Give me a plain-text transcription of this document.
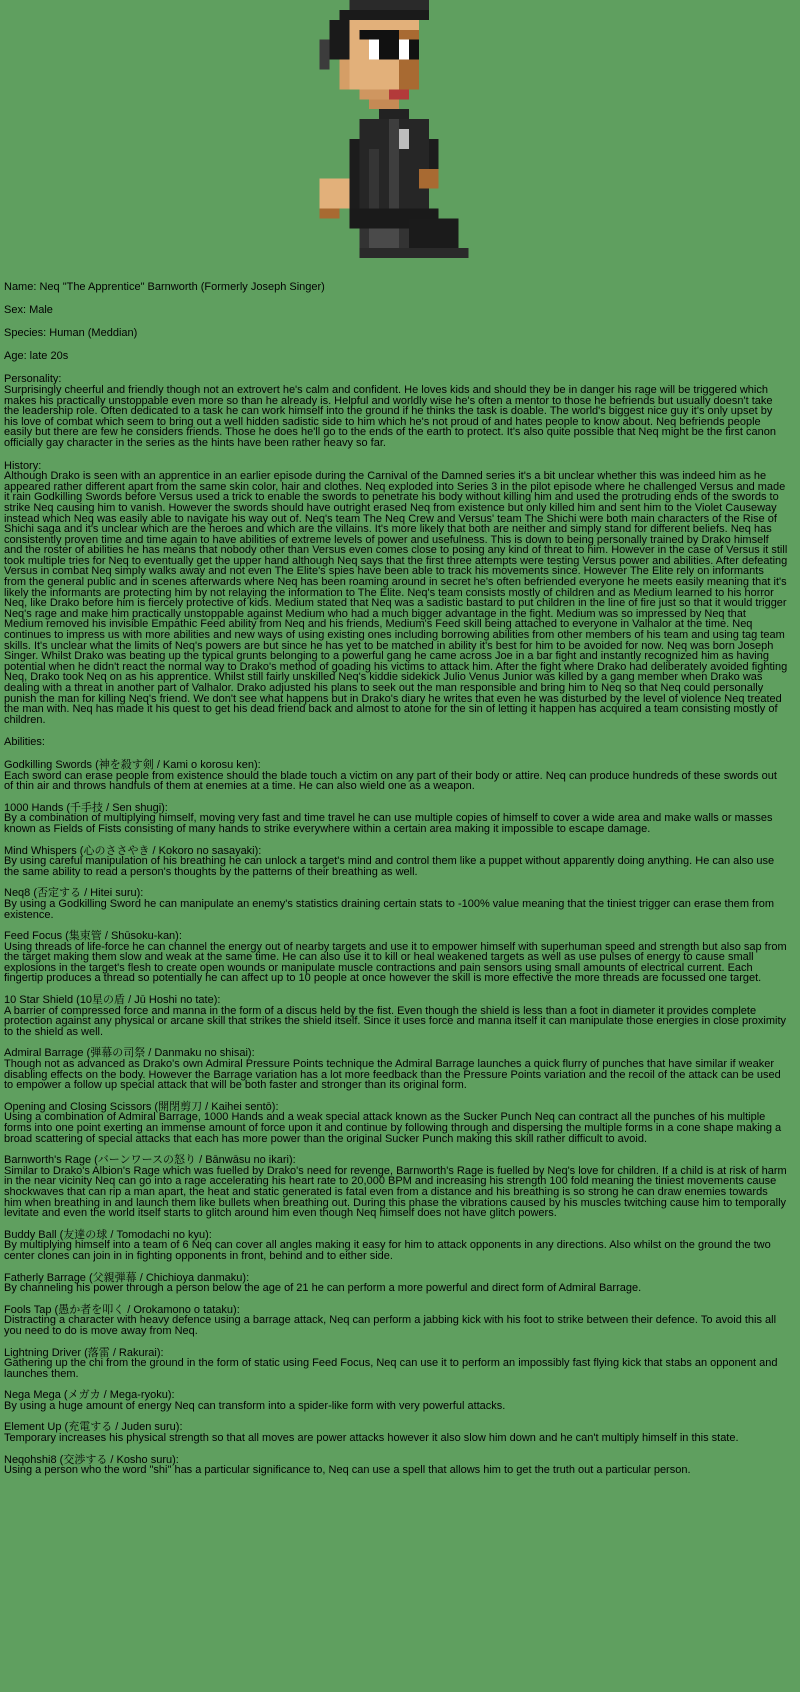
Name: Neq "The Apprentice" Barnworth (Formerly Joseph Singer)
Sex: Male
Species: Human (Meddian)
Age: late 20s
Personality:
Surprisingly cheerful and friendly though not an extrovert he's calm and confident. He loves kids and should they be in danger his rage will be triggered which makes his practically unstoppable even more so than he already is. Helpful and worldly wise he's often a mentor to those he befriends but usually doesn't take the leadership role. Often dedicated to a task he can work himself into the ground if he thinks the task is doable. The world's biggest nice guy it's only upset by his love of combat which seem to bring out a well hidden sadistic side to him which he's not proud of and hates people to know about. Neq befriends people easily but there are few he considers friends. Those he does he'll go to the ends of the earth to protect. It's also quite possible that Neq might be the first canon officially gay character in the series as the hints have been rather heavy so far.
History:
Although Drako is seen with an apprentice in an earlier episode during the Carnival of the Damned series it's a bit unclear whether this was indeed him as he appeared rather different apart from the same skin color, hair and clothes. Neq exploded into Series 3 in the pilot episode where he challenged Versus and made it rain Godkilling Swords before Versus used a trick to enable the swords to penetrate his body without killing him and used the protruding ends of the swords to strike Neq causing him to vanish. However the swords should have outright erased Neq from existence but only killed him and sent him to the Violet Causeway instead which Neq was easily able to navigate his way out of. Neq's team The Neq Crew and Versus' team The Shichi were both main characters of the Rise of Shichi saga and it's unclear which are the heroes and which are the villains. It's more likely that both are neither and simply stand for different beliefs. Neq has consistently proven time and time again to have abilities of extreme levels of power and usefulness. This is down to being personally trained by Drako himself and the roster of abilities he has means that nobody other than Versus even comes close to posing any kind of threat to him. However in the case of Versus it still took multiple tries for Neq to eventually get the upper hand although Neq says that the first three attempts were testing Versus power and abilities. After defeating Versus in combat Neq simply walks away and not even The Elite's spies have been able to track his movements since. However The Elite rely on informants from the general public and in scenes afterwards where Neq has been roaming around in secret he's often befriended everyone he meets easily meaning that it's likely the informants are protecting him by not relaying the information to The Elite. Neq's team consists mostly of children and as Medium learned to his horror Neq, like Drako before him is fiercely protective of kids. Medium stated that Neq was a sadistic bastard to put children in the line of fire just so that it would trigger Neq's rage and make him practically unstoppable against Medium who had a much bigger advantage in the fight. Medium was so impressed by Neq that Medium removed his invisible Empathic Feed ability from Neq and his friends, Medium's Feed skill being attached to everyone in Valhalor at the time. Neq continues to impress us with more abilities and new ways of using existing ones including borrowing abilities from other members of his team and using tag team skills. It's unclear what the limits of Neq's powers are but since he has yet to be matched in ability it's best for him to be avoided for now. Neq was born Joseph Singer. Whilst Drako was beating up the typical grunts belonging to a powerful gang he came across Joe in a bar fight and instantly recognized him as having potential when he didn't react the normal way to Drako's method of goading his victims to attack him. After the fight where Drako had deliberately avoided fighting Neq, Drako took Neq on as his apprentice. Whilst still fairly unskilled Neq's kiddie sidekick Julio Venus Junior was killed by a gang member when Drako was dealing with a threat in another part of Valhalor. Drako adjusted his plans to seek out the man responsible and bring him to Neq so that Neq could personally punish the man for killing Neq's friend. We don't see what happens but in Drako's diary he writes that even he was disturbed by the level of violence Neq treated the man with. Neq has made it his quest to get his dead friend back and almost to atone for the sin of letting it happen has acquired a team consisting mostly of children.
Abilities:
Godkilling Swords (神を殺す剣 / Kami o korosu ken):
Each sword can erase people from existence should the blade touch a victim on any part of their body or attire. Neq can produce hundreds of these swords out of thin air and throws handfuls of them at enemies at a time. He can also wield one as a weapon.
1000 Hands (千手技 / Sen shugi):
By a combination of multiplying himself, moving very fast and time travel he can use multiple copies of himself to cover a wide area and make walls or masses known as Fields of Fists consisting of many hands to strike everywhere within a certain area making it impossible to escape damage.
Mind Whispers (心のささやき / Kokoro no sasayaki):
By using careful manipulation of his breathing he can unlock a target's mind and control them like a puppet without apparently doing anything. He can also use the same ability to read a person's thoughts by the patterns of their breathing as well.
Neq8 (否定する / Hitei suru):
By using a Godkilling Sword he can manipulate an enemy's statistics draining certain stats to -100% value meaning that the tiniest trigger can erase them from existence.
Feed Focus (集束管 / Shūsoku-kan):
Using threads of life-force he can channel the energy out of nearby targets and use it to empower himself with superhuman speed and strength but also sap from the target making them slow and weak at the same time. He can also use it to kill or heal weakened targets as well as use pulses of energy to cause small explosions in the target's flesh to create open wounds or manipulate muscle contractions and pain sensors using small amounts of electrical current. Each fingertip produces a thread so potentially he can affect up to 10 people at once however the skill is more effective the more threads are focussed one target.
10 Star Shield (10星の盾 / Jū Hoshi no tate):
A barrier of compressed force and manna in the form of a discus held by the fist. Even though the shield is less than a foot in diameter it provides complete protection against any physical or arcane skill that strikes the shield itself. Since it uses force and manna itself it can manipulate those energies in close proximity to the shield as well.
Admiral Barrage (弾幕の司祭 / Danmaku no shisai):
Though not as advanced as Drako's own Admiral Pressure Points technique the Admiral Barrage launches a quick flurry of punches that have similar if weaker disabling effects on the body. However the Barrage variation has a lot more feedback than the Pressure Points variation and the recoil of the attack can be used to empower a follow up special attack that will be both faster and stronger than its original form.
Opening and Closing Scissors (開閉剪刀 / Kaihei sentō):
Using a combination of Admiral Barrage, 1000 Hands and a weak special attack known as the Sucker Punch Neq can contract all the punches of his multiple forms into one point exerting an immense amount of force upon it and continue by following through and dispersing the multiple forms in a cone shape making a broad scattering of special attacks that each has more power than the original Sucker Punch making this skill rather difficult to avoid.
Barnworth's Rage (バーンワースの怒り / Bānwāsu no ikari):
Similar to Drako's Albion's Rage which was fuelled by Drako's need for revenge, Barnworth's Rage is fuelled by Neq's love for children. If a child is at risk of harm in the near vicinity Neq can go into a rage accelerating his heart rate to 20,000 BPM and increasing his strength 100 fold meaning the tiniest movements cause shockwaves that can rip a man apart, the heat and static generated is fatal even from a distance and his breathing is so strong he can draw enemies towards him when breathing in and launch them like bullets when breathing out. During this phase the vibrations caused by his muscles twitching cause him to temporally levitate and even the world itself starts to glitch around him even though Neq himself does not have glitch powers.
Buddy Ball (友達の球 / Tomodachi no kyu):
By multiplying himself into a team of 6 Neq can cover all angles making it easy for him to attack opponents in any directions. Also whilst on the ground the two center clones can join in in fighting opponents in front, behind and to either side.
Fatherly Barrage (父親弾幕 / Chichioya danmaku):
By channeling his power through a person below the age of 21 he can perform a more powerful and direct form of Admiral Barrage.
Fools Tap (愚か者を叩く / Orokamono o tataku):
Distracting a character with heavy defence using a barrage attack, Neq can perform a jabbing kick with his foot to strike between their defence. To avoid this all you need to do is move away from Neq.
Lightning Driver (落雷 / Rakurai):
Gathering up the chi from the ground in the form of static using Feed Focus, Neq can use it to perform an impossibly fast flying kick that stabs an opponent and launches them.
Nega Mega (メガカ / Mega-ryoku):
By using a huge amount of energy Neq can transform into a spider-like form with very powerful attacks.
Element Up (充電する / Juden suru):
Temporary increases his physical strength so that all moves are power attacks however it also slow him down and he can't multiply himself in this state.
Neqohshi8 (交渉する / Kosho suru):
Using a person who the word "shi" has a particular significance to, Neq can use a spell that allows him to get the truth out a particular person.
